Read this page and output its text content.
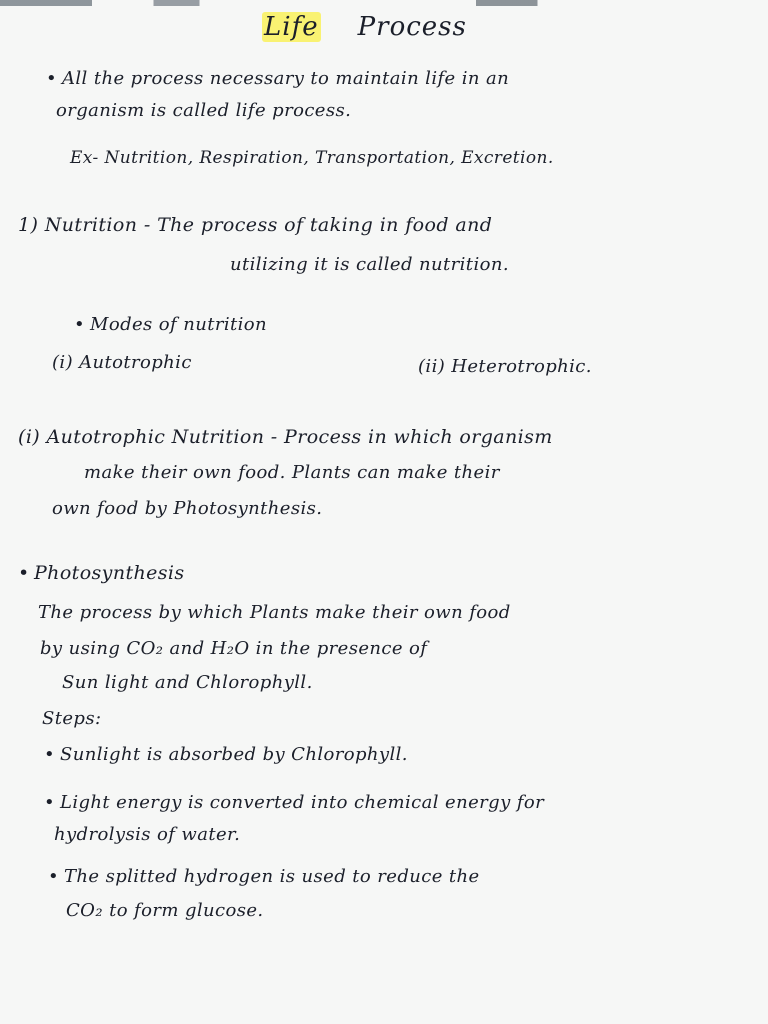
Life Process
• All the process necessary to maintain life in an
organism is called life process.
Ex- Nutrition, Respiration, Transportation, Excretion.
1) Nutrition - The process of taking in food and
utilizing it is called nutrition.
• Modes of nutrition
(i) Autotrophic	(ii) Heterotrophic.
(i) Autotrophic Nutrition - Process in which organism
make their own food. Plants can make their
own food by Photosynthesis.
• Photosynthesis
The process by which Plants make their own food
by using CO₂ and H₂O in the presence of
Sun light and Chlorophyll.
Steps:
• Sunlight is absorbed by Chlorophyll.
• Light energy is converted into chemical energy for
hydrolysis of water.
• The splitted hydrogen is used to reduce the
CO₂ to form glucose.
